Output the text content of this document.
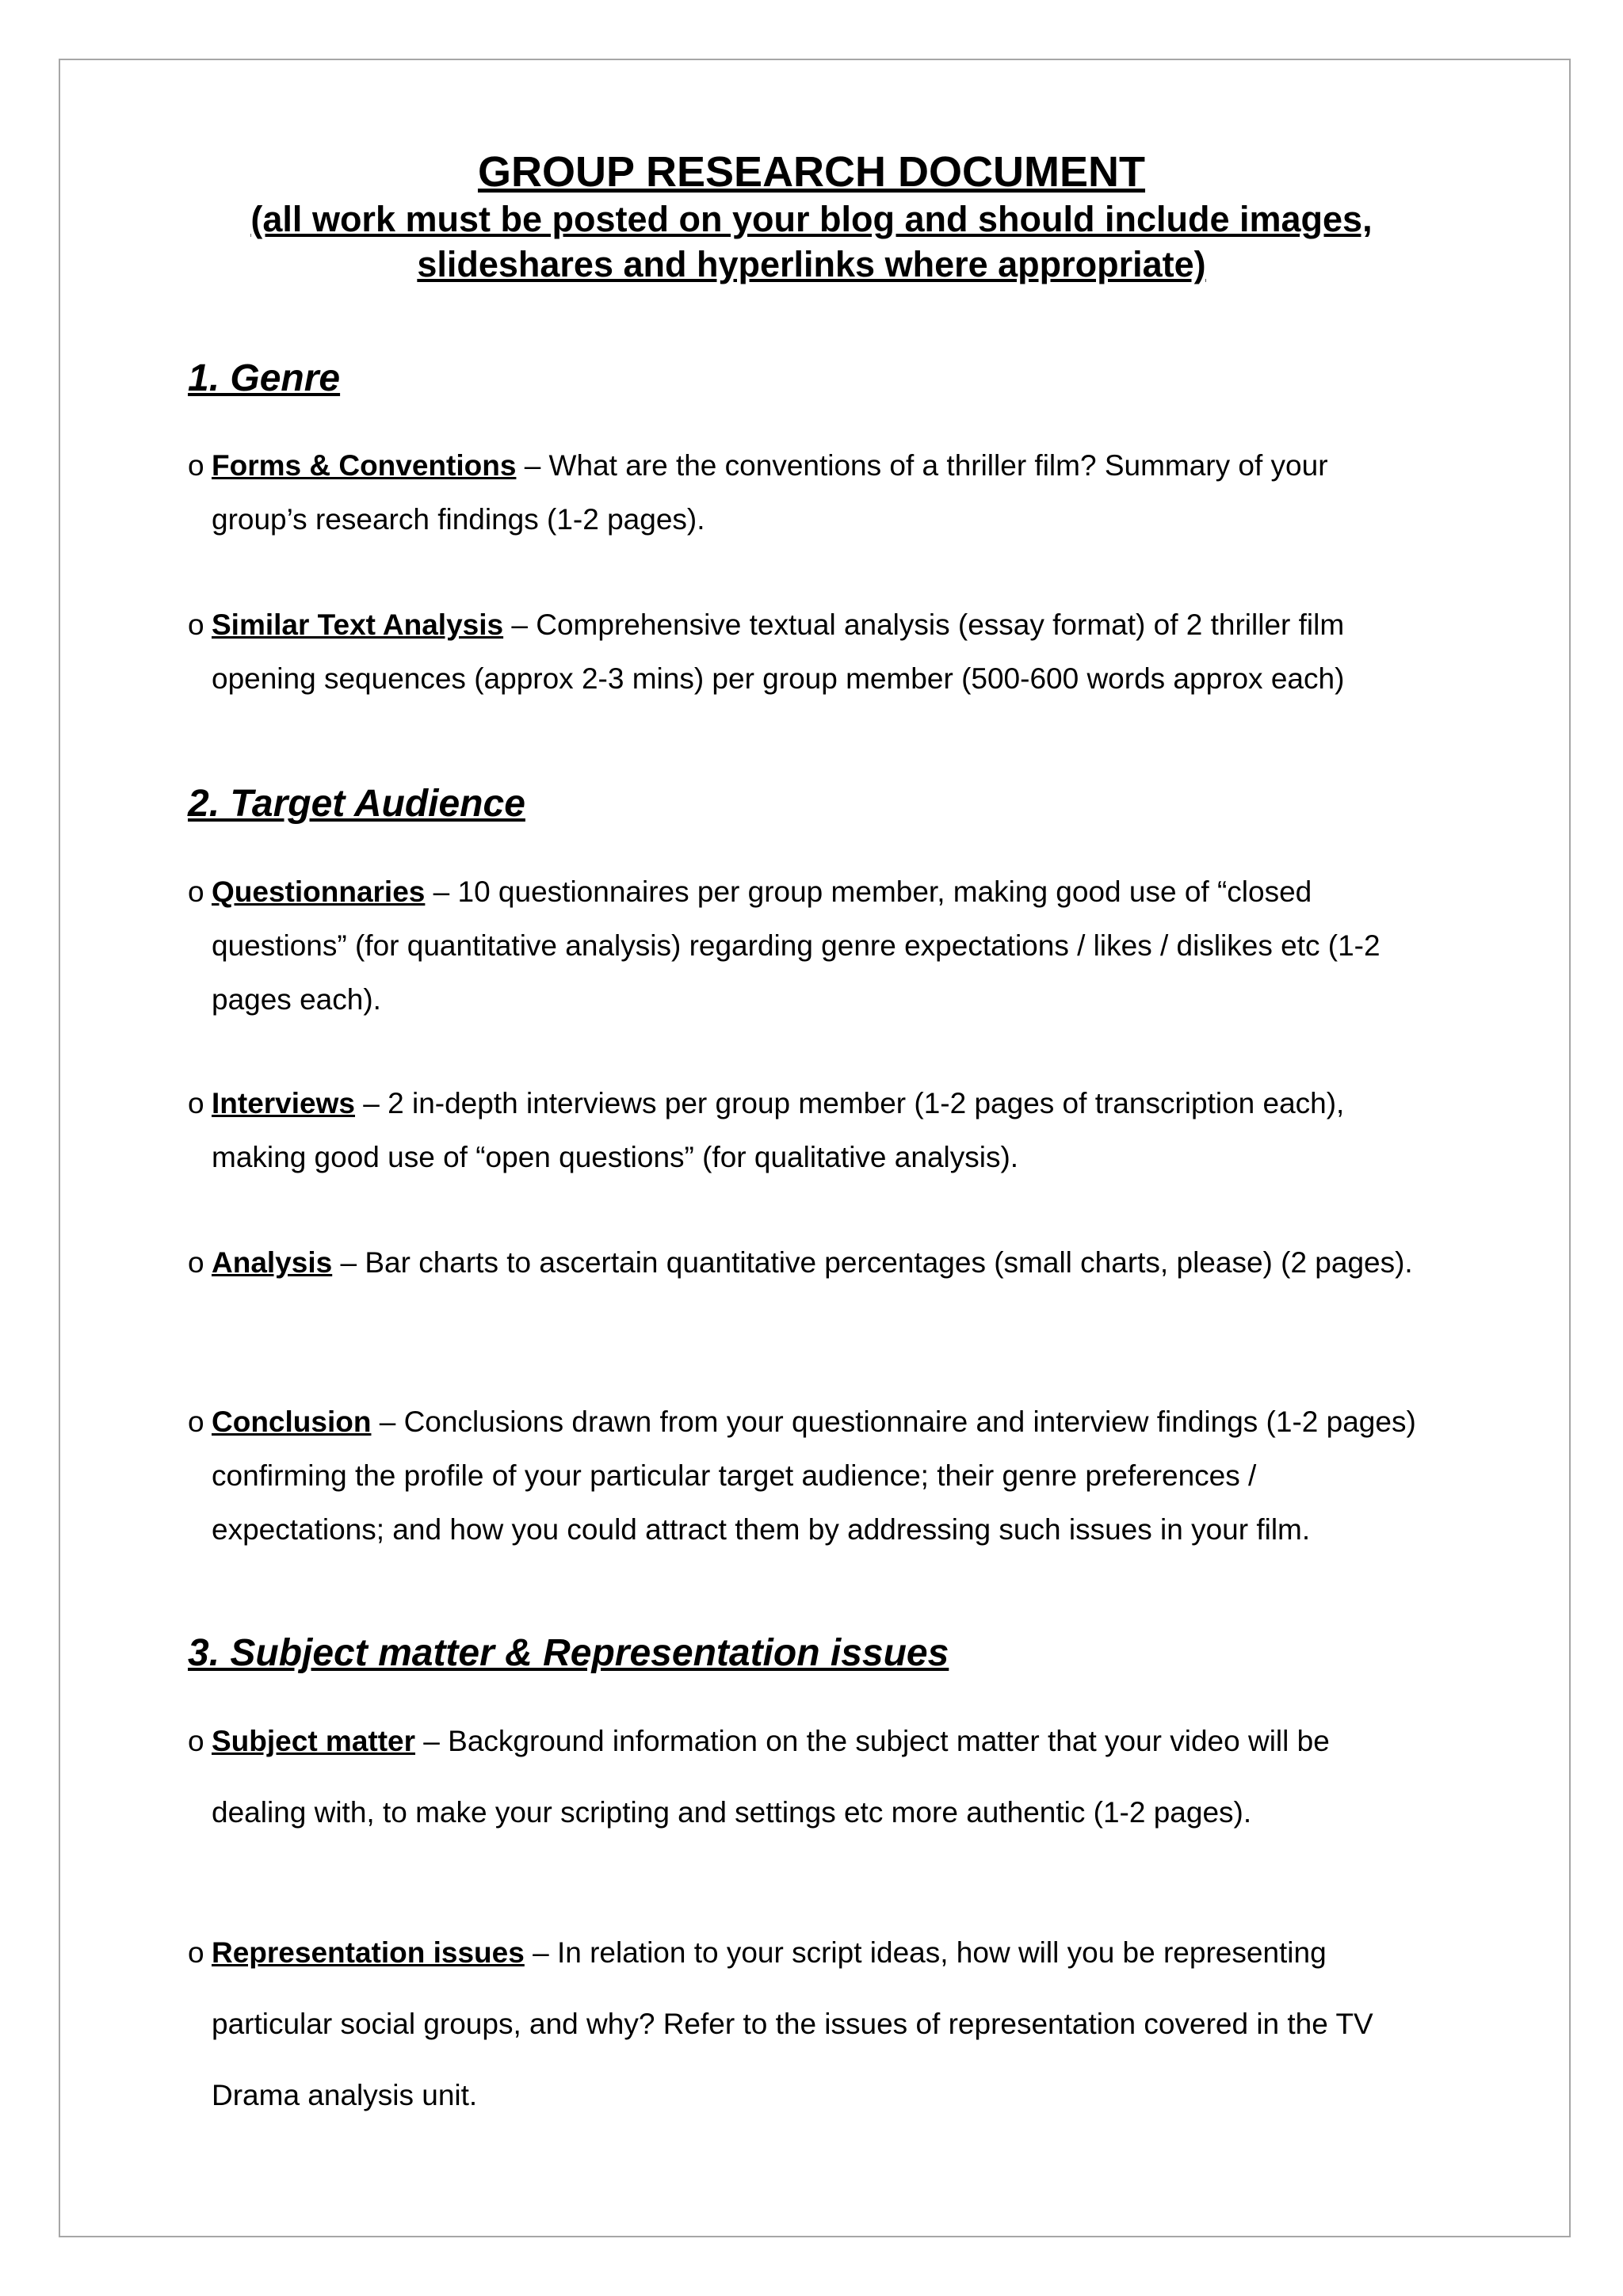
GROUP RESEARCH DOCUMENT
(all work must be posted on your blog and should include images, slideshares and hyperlinks where appropriate)
1. Genre
o Forms & Conventions – What are the conventions of a thriller film? Summary of your group’s research findings (1-2 pages).
o Similar Text Analysis – Comprehensive textual analysis (essay format) of 2 thriller film opening sequences (approx 2-3 mins) per group member (500-600 words approx each)
2. Target Audience
o Questionnaries – 10 questionnaires per group member, making good use of “closed questions” (for quantitative analysis) regarding genre expectations / likes / dislikes etc (1-2 pages each).
o Interviews – 2 in-depth interviews per group member (1-2 pages of transcription each), making good use of “open questions” (for qualitative analysis).
o Analysis – Bar charts to ascertain quantitative percentages (small charts, please) (2 pages).
o Conclusion – Conclusions drawn from your questionnaire and interview findings (1-2 pages) confirming the profile of your particular target audience; their genre preferences / expectations; and how you could attract them by addressing such issues in your film.
3. Subject matter & Representation issues
o Subject matter – Background information on the subject matter that your video will be dealing with, to make your scripting and settings etc more authentic (1-2 pages).
o Representation issues – In relation to your script ideas, how will you be representing particular social groups, and why? Refer to the issues of representation covered in the TV Drama analysis unit.
